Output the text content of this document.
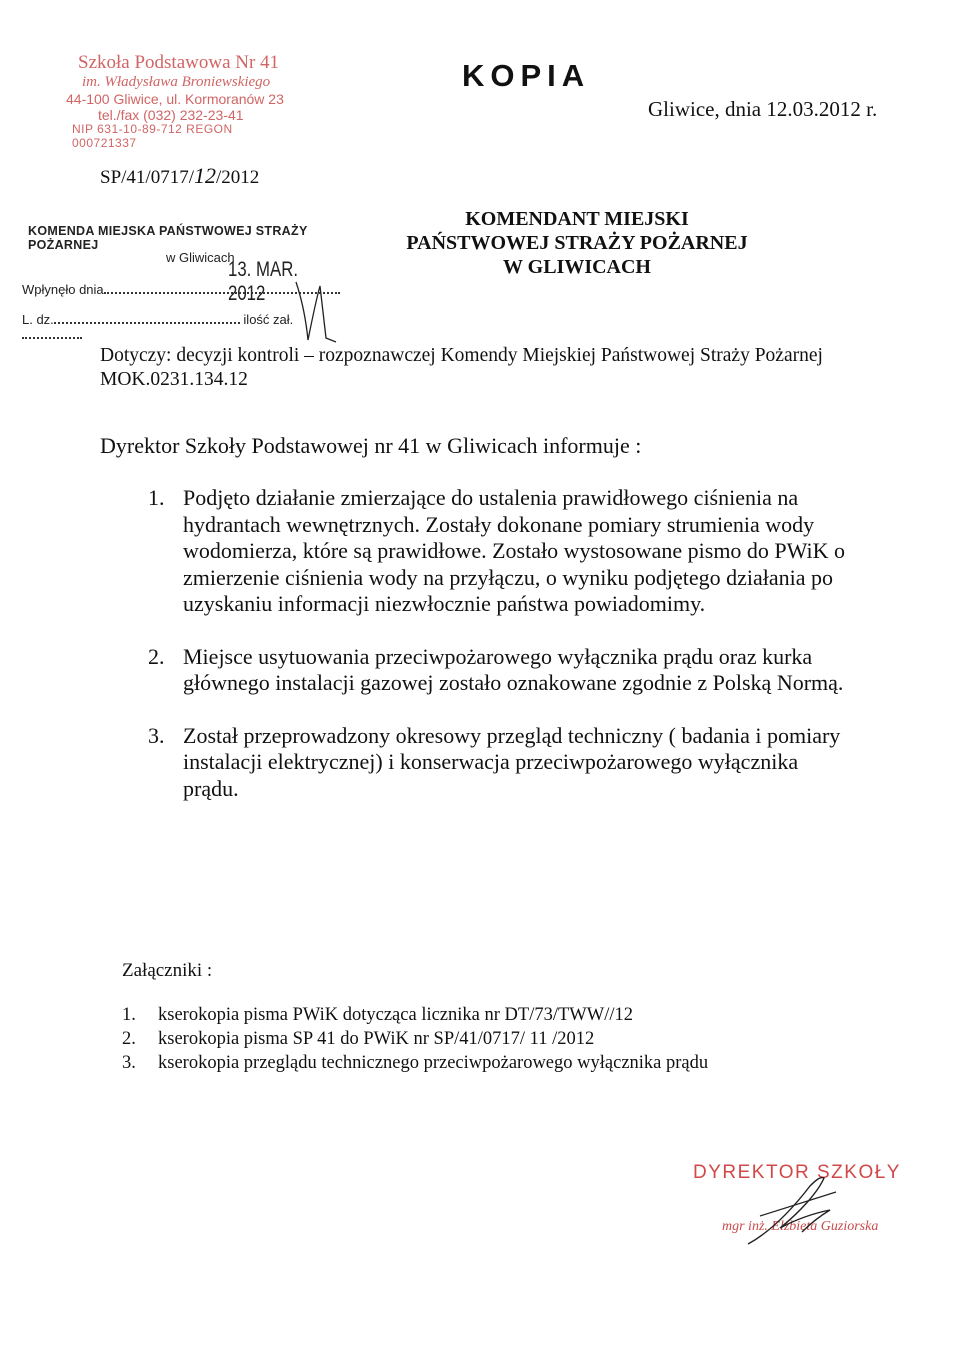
Szkoła Podstawowa Nr 41
im. Władysława Broniewskiego
44-100 Gliwice, ul. Kormoranów 23
tel./fax (032) 232-23-41
NIP 631-10-89-712 REGON 000721337
KOPIA
Gliwice, dnia 12.03.2012 r.
SP/41/0717/12/2012
KOMENDA MIEJSKA PAŃSTWOWEJ STRAŻY POŻARNEJ
w Gliwicach
13. MAR. 2012
Wpłynęło dnia
L. dz.	ilość zał.
KOMENDANT MIEJSKI
PAŃSTWOWEJ STRAŻY POŻARNEJ
W GLIWICACH
Dotyczy: decyzji kontroli – rozpoznawczej Komendy Miejskiej Państwowej Straży Pożarnej
MOK.0231.134.12
Dyrektor Szkoły Podstawowej nr 41 w Gliwicach informuje :
1. Podjęto działanie zmierzające do ustalenia prawidłowego ciśnienia na hydrantach wewnętrznych. Zostały dokonane pomiary strumienia wody wodomierza, które są prawidłowe. Zostało wystosowane pismo do PWiK o zmierzenie ciśnienia wody na przyłączu, o wyniku podjętego działania po uzyskaniu informacji niezwłocznie państwa powiadomimy.
2. Miejsce usytuowania przeciwpożarowego wyłącznika prądu oraz kurka głównego instalacji gazowej zostało oznakowane zgodnie z Polską Normą.
3. Został przeprowadzony okresowy przegląd techniczny ( badania i pomiary instalacji elektrycznej) i konserwacja przeciwpożarowego wyłącznika prądu.
Załączniki :
1. kserokopia pisma PWiK dotycząca licznika nr DT/73/TWW//12
2. kserokopia pisma SP 41 do PWiK nr SP/41/0717/ 11 /2012
3. kserokopia przeglądu technicznego przeciwpożarowego wyłącznika prądu
DYREKTOR SZKOŁY
mgr inż. Elżbieta Guziorska
